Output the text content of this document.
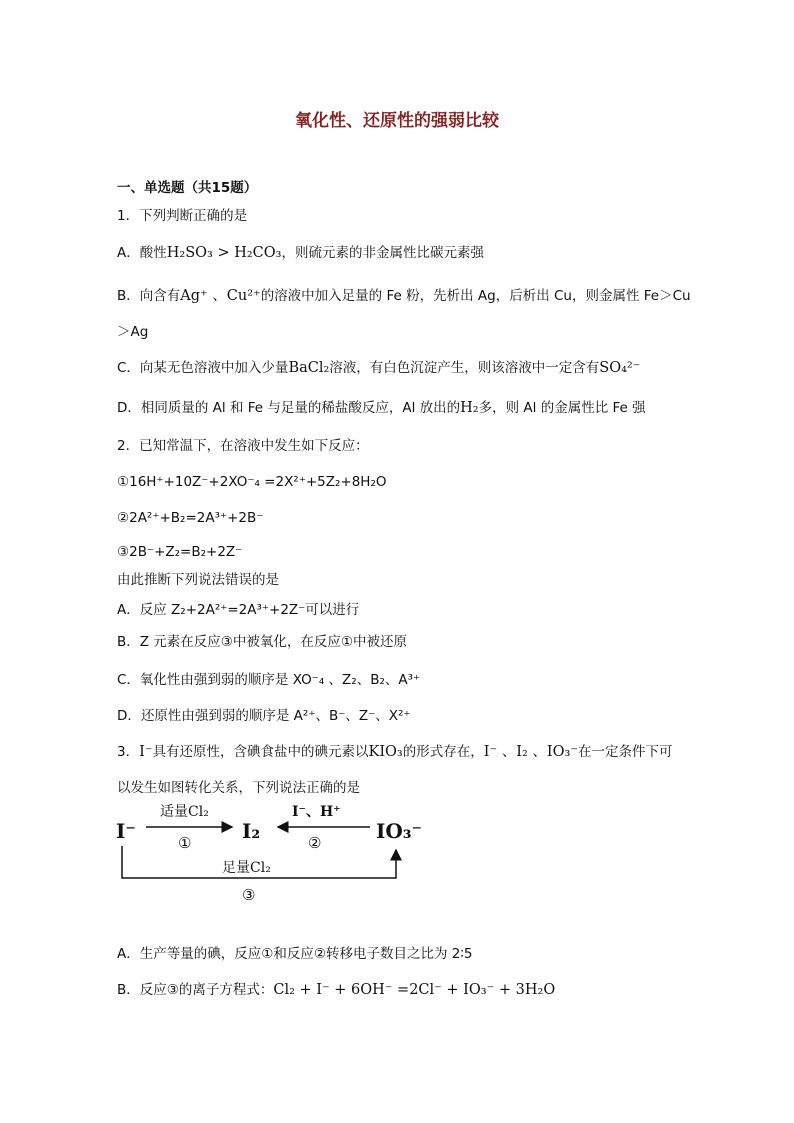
氧化性、还原性的强弱比较
一、单选题（共15题）
1．下列判断正确的是
A．酸性H₂SO₃ > H₂CO₃，则硫元素的非金属性比碳元素强
B．向含有Ag⁺ 、Cu²⁺的溶液中加入足量的 Fe 粉，先析出 Ag，后析出 Cu，则金属性 Fe＞Cu
＞Ag
C．向某无色溶液中加入少量BaCl₂溶液，有白色沉淀产生，则该溶液中一定含有SO₄²⁻
D．相同质量的 Al 和 Fe 与足量的稀盐酸反应，Al 放出的H₂多，则 Al 的金属性比 Fe 强
2．已知常温下，在溶液中发生如下反应：
①16H⁺+10Z⁻+2XO⁻₄ =2X²⁺+5Z₂+8H₂O
②2A²⁺+B₂=2A³⁺+2B⁻
③2B⁻+Z₂=B₂+2Z⁻
由此推断下列说法错误的是
A．反应 Z₂+2A²⁺=2A³⁺+2Z⁻可以进行
B．Z 元素在反应③中被氧化，在反应①中被还原
C．氧化性由强到弱的顺序是 XO⁻₄ 、Z₂、B₂、A³⁺
D．还原性由强到弱的顺序是 A²⁺、B⁻、Z⁻、X²⁺
3．I⁻具有还原性，含碘食盐中的碘元素以KIO₃的形式存在，I⁻ 、I₂ 、IO₃⁻在一定条件下可
以发生如图转化关系，下列说法正确的是
I⁻	I₂	IO₃⁻
适量Cl₂
①
I⁻、H⁺
②
足量Cl₂
③
A．生产等量的碘，反应①和反应②转移电子数目之比为 2∶5
B．反应③的离子方程式：Cl₂ + I⁻ + 6OH⁻ =2Cl⁻ + IO₃⁻ + 3H₂O
